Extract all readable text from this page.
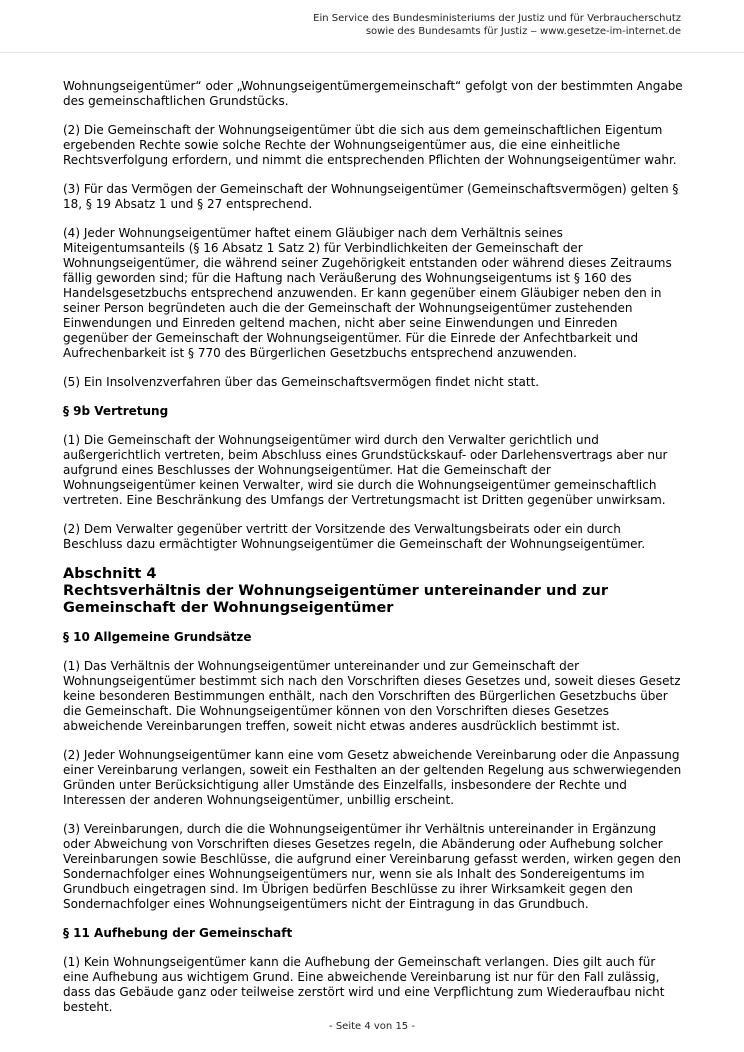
Ein Service des Bundesministeriums der Justiz und für Verbraucherschutz
sowie des Bundesamts für Justiz ‒ www.gesetze-im-internet.de

Wohnungseigentümer“ oder „Wohnungseigentümergemeinschaft“ gefolgt von der bestimmten Angabe des gemeinschaftlichen Grundstücks.

(2) Die Gemeinschaft der Wohnungseigentümer übt die sich aus dem gemeinschaftlichen Eigentum ergebenden Rechte sowie solche Rechte der Wohnungseigentümer aus, die eine einheitliche Rechtsverfolgung erfordern, und nimmt die entsprechenden Pflichten der Wohnungseigentümer wahr.

(3) Für das Vermögen der Gemeinschaft der Wohnungseigentümer (Gemeinschaftsvermögen) gelten § 18, § 19 Absatz 1 und § 27 entsprechend.

(4) Jeder Wohnungseigentümer haftet einem Gläubiger nach dem Verhältnis seines Miteigentumsanteils (§ 16 Absatz 1 Satz 2) für Verbindlichkeiten der Gemeinschaft der Wohnungseigentümer, die während seiner Zugehörigkeit entstanden oder während dieses Zeitraums fällig geworden sind; für die Haftung nach Veräußerung des Wohnungseigentums ist § 160 des Handelsgesetzbuchs entsprechend anzuwenden. Er kann gegenüber einem Gläubiger neben den in seiner Person begründeten auch die der Gemeinschaft der Wohnungseigentümer zustehenden Einwendungen und Einreden geltend machen, nicht aber seine Einwendungen und Einreden gegenüber der Gemeinschaft der Wohnungseigentümer. Für die Einrede der Anfechtbarkeit und Aufrechenbarkeit ist § 770 des Bürgerlichen Gesetzbuchs entsprechend anzuwenden.

(5) Ein Insolvenzverfahren über das Gemeinschaftsvermögen findet nicht statt.

§ 9b Vertretung

(1) Die Gemeinschaft der Wohnungseigentümer wird durch den Verwalter gerichtlich und außergerichtlich vertreten, beim Abschluss eines Grundstückskauf- oder Darlehensvertrags aber nur aufgrund eines Beschlusses der Wohnungseigentümer. Hat die Gemeinschaft der Wohnungseigentümer keinen Verwalter, wird sie durch die Wohnungseigentümer gemeinschaftlich vertreten. Eine Beschränkung des Umfangs der Vertretungsmacht ist Dritten gegenüber unwirksam.

(2) Dem Verwalter gegenüber vertritt der Vorsitzende des Verwaltungsbeirats oder ein durch Beschluss dazu ermächtigter Wohnungseigentümer die Gemeinschaft der Wohnungseigentümer.

Abschnitt 4
Rechtsverhältnis der Wohnungseigentümer untereinander und zur Gemeinschaft der Wohnungseigentümer
§ 10 Allgemeine Grundsätze

(1) Das Verhältnis der Wohnungseigentümer untereinander und zur Gemeinschaft der Wohnungseigentümer bestimmt sich nach den Vorschriften dieses Gesetzes und, soweit dieses Gesetz keine besonderen Bestimmungen enthält, nach den Vorschriften des Bürgerlichen Gesetzbuchs über die Gemeinschaft. Die Wohnungseigentümer können von den Vorschriften dieses Gesetzes abweichende Vereinbarungen treffen, soweit nicht etwas anderes ausdrücklich bestimmt ist.

(2) Jeder Wohnungseigentümer kann eine vom Gesetz abweichende Vereinbarung oder die Anpassung einer Vereinbarung verlangen, soweit ein Festhalten an der geltenden Regelung aus schwerwiegenden Gründen unter Berücksichtigung aller Umstände des Einzelfalls, insbesondere der Rechte und Interessen der anderen Wohnungseigentümer, unbillig erscheint.

(3) Vereinbarungen, durch die die Wohnungseigentümer ihr Verhältnis untereinander in Ergänzung oder Abweichung von Vorschriften dieses Gesetzes regeln, die Abänderung oder Aufhebung solcher Vereinbarungen sowie Beschlüsse, die aufgrund einer Vereinbarung gefasst werden, wirken gegen den Sondernachfolger eines Wohnungseigentümers nur, wenn sie als Inhalt des Sondereigentums im Grundbuch eingetragen sind. Im Übrigen bedürfen Beschlüsse zu ihrer Wirksamkeit gegen den Sondernachfolger eines Wohnungseigentümers nicht der Eintragung in das Grundbuch.

§ 11 Aufhebung der Gemeinschaft

(1) Kein Wohnungseigentümer kann die Aufhebung der Gemeinschaft verlangen. Dies gilt auch für eine Aufhebung aus wichtigem Grund. Eine abweichende Vereinbarung ist nur für den Fall zulässig, dass das Gebäude ganz oder teilweise zerstört wird und eine Verpflichtung zum Wiederaufbau nicht besteht.

- Seite 4 von 15 -
